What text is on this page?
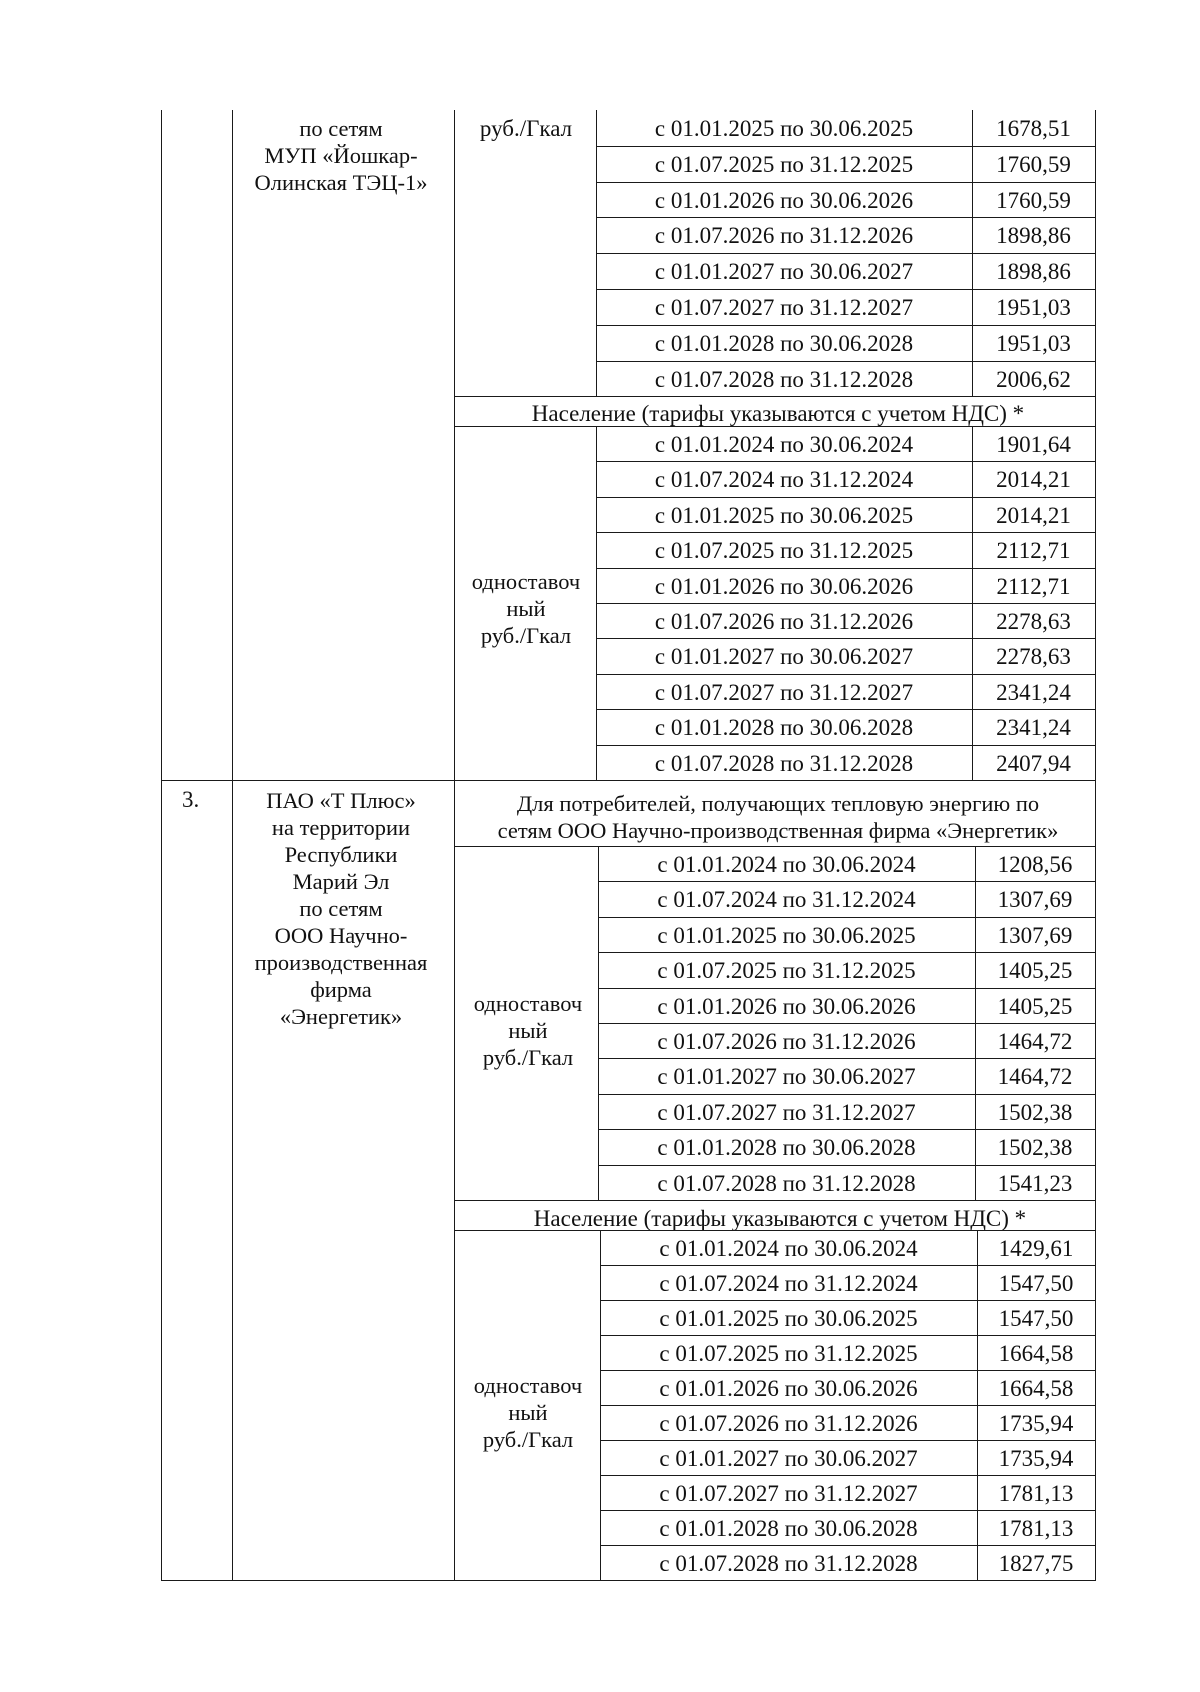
по сетям
МУП «Йошкар-
Олинская ТЭЦ-1»
руб./Гкал	с 01.01.2025 по 30.06.2025	1678,51
с 01.07.2025 по 31.12.2025	1760,59
с 01.01.2026 по 30.06.2026	1760,59
с 01.07.2026 по 31.12.2026	1898,86
с 01.01.2027 по 30.06.2027	1898,86
с 01.07.2027 по 31.12.2027	1951,03
с 01.01.2028 по 30.06.2028	1951,03
с 01.07.2028 по 31.12.2028	2006,62
Население (тарифы указываются с учетом НДС) *
одноставоч
ный
руб./Гкал
с 01.01.2024 по 30.06.2024	1901,64
с 01.07.2024 по 31.12.2024	2014,21
с 01.01.2025 по 30.06.2025	2014,21
с 01.07.2025 по 31.12.2025	2112,71
с 01.01.2026 по 30.06.2026	2112,71
с 01.07.2026 по 31.12.2026	2278,63
с 01.01.2027 по 30.06.2027	2278,63
с 01.07.2027 по 31.12.2027	2341,24
с 01.01.2028 по 30.06.2028	2341,24
с 01.07.2028 по 31.12.2028	2407,94
3.	ПАО «Т Плюс»
на территории
Республики
Марий Эл
по сетям
ООО Научно-
производственная
фирма
«Энергетик»
Для потребителей, получающих тепловую энергию по
сетям ООО Научно-производственная фирма «Энергетик»
одноставоч
ный
руб./Гкал
с 01.01.2024 по 30.06.2024	1208,56
с 01.07.2024 по 31.12.2024	1307,69
с 01.01.2025 по 30.06.2025	1307,69
с 01.07.2025 по 31.12.2025	1405,25
с 01.01.2026 по 30.06.2026	1405,25
с 01.07.2026 по 31.12.2026	1464,72
с 01.01.2027 по 30.06.2027	1464,72
с 01.07.2027 по 31.12.2027	1502,38
с 01.01.2028 по 30.06.2028	1502,38
с 01.07.2028 по 31.12.2028	1541,23
Население (тарифы указываются с учетом НДС) *
одноставоч
ный
руб./Гкал
с 01.01.2024 по 30.06.2024	1429,61
с 01.07.2024 по 31.12.2024	1547,50
с 01.01.2025 по 30.06.2025	1547,50
с 01.07.2025 по 31.12.2025	1664,58
с 01.01.2026 по 30.06.2026	1664,58
с 01.07.2026 по 31.12.2026	1735,94
с 01.01.2027 по 30.06.2027	1735,94
с 01.07.2027 по 31.12.2027	1781,13
с 01.01.2028 по 30.06.2028	1781,13
с 01.07.2028 по 31.12.2028	1827,75
